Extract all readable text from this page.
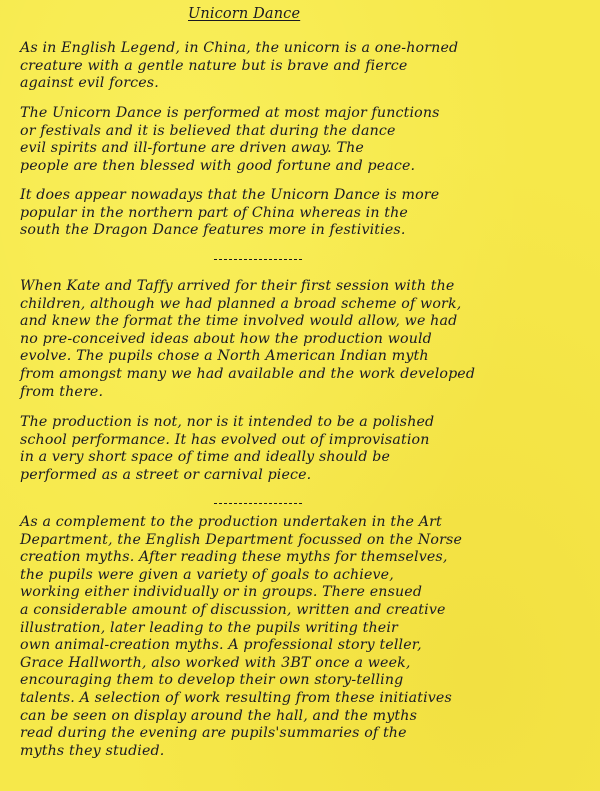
Unicorn Dance
As in English Legend, in China, the unicorn is a one-horned
creature with a gentle nature but is brave and fierce
against evil forces.
The Unicorn Dance is performed at most major functions
or festivals and it is believed that during the dance
evil spirits and ill-fortune are driven away. The
people are then blessed with good fortune and peace.
It does appear nowadays that the Unicorn Dance is more
popular in the northern part of China whereas in the
south the Dragon Dance features more in festivities.
When Kate and Taffy arrived for their first session with the
children, although we had planned a broad scheme of work,
and knew the format the time involved would allow, we had
no pre-conceived ideas about how the production would
evolve. The pupils chose a North American Indian myth
from amongst many we had available and the work developed
from there.
The production is not, nor is it intended to be a polished
school performance. It has evolved out of improvisation
in a very short space of time and ideally should be
performed as a street or carnival piece.
As a complement to the production undertaken in the Art
Department, the English Department focussed on the Norse
creation myths. After reading these myths for themselves,
the pupils were given a variety of goals to achieve,
working either individually or in groups. There ensued
a considerable amount of discussion, written and creative
illustration, later leading to the pupils writing their
own animal-creation myths. A professional story teller,
Grace Hallworth, also worked with 3BT once a week,
encouraging them to develop their own story-telling
talents. A selection of work resulting from these initiatives
can be seen on display around the hall, and the myths
read during the evening are pupils'summaries of the
myths they studied.
